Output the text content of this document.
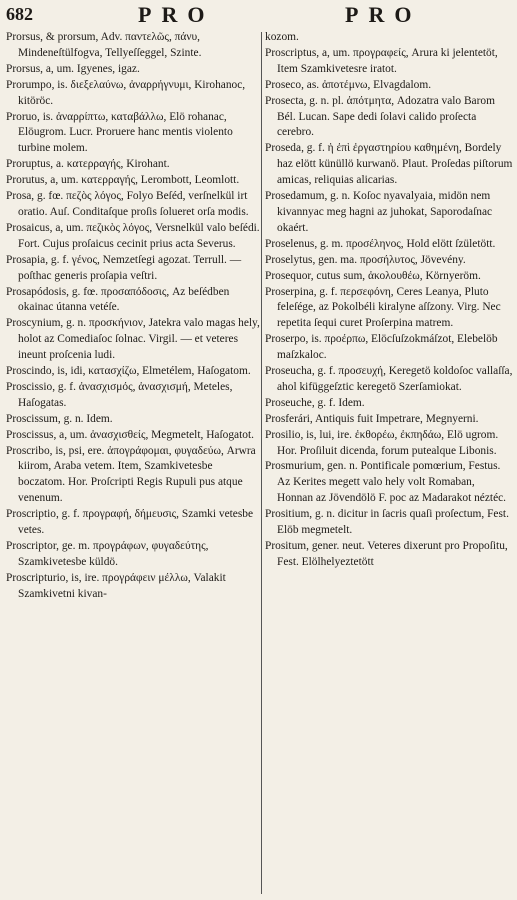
682	PRO	PRO

Prorsus, & prorsum, Adv. παντελῶς, πάνυ, Mindeneſtülfogva, Tellyeſſeggel, Szinte.

Prorsus, a, um. Igyenes, igaz.

Prorumpo, is. διεξελαύνω, ἀναρρήγνυμι, Kirohanoc, kitöröc.

Proruo, is. ἀναρρίπτω, καταβάλλω, Elö rohanac, Elöugrom. Lucr. Proruere hanc mentis violento turbine molem.

Proruptus, a. κατερραγής, Kirohant.

Prorutus, a, um. κατερραγής, Lerombott, Leomlott.

Prosa, g. fœ. πεζὸς λόγος, Folyo Beſéd, verſnelkül irt oratio. Auſ. Conditaſque proſis ſolueret orſa modis.

Prosaicus, a, um. πεζικὸς λόγος, Versnelkül valo beſédi. Fort. Cujus proſaicus cecinit prius acta Severus.

Prosapia, g. f. γένος, Nemzetſegi agozat. Terrull. — poſthac generis proſapia veſtri.

Prosapódosis, g. fœ. προσαπόδοσις, Az beſédben okainac útanna vetéſe.

Proscynium, g. n. προσκήνιον, Jatekra valo magas hely, holot az Comediaſoc ſolnac. Virgil. — et veteres ineunt proſcenia ludi.

Proscindo, is, idi, κατασχίζω, Elmetélem, Haſogatom.

Proscissio, g. f. ἀνασχισμός, ἀνασχισμή, Meteles, Haſogatas.

Proscissum, g. n. Idem.

Proscissus, a, um. ἀνασχισθείς, Megmetelt, Haſogatot.

Proscribo, is, psi, ere. ἀπογράφομαι, φυγαδεύω, Arwra kiirom, Araba vetem. Item, Szamkivetesbe boczatom. Hor. Proſcripti Regis Rupuli pus atque venenum.

Proscriptio, g. f. προγραφή, δήμευσις, Szamki vetesbe vetes.

Proscriptor, ge. m. προγράφων, φυγαδεύτης, Szamkivetesbe küldö.

Proscripturio, is, ire. προγράφειν μέλλω, Valakit Szamkivetni kivan-

kozom.

Proscriptus, a, um. προγραφείς, Arura ki jelentetöt, Item Szamkivetesre iratot.

Proseco, as. ἀποτέμνω, Elvagdalom.

Prosecta, g. n. pl. ἀπότμητα, Adozatra valo Barom Bél. Lucan. Sape dedi ſolavi calido proſecta cerebro.

Proseda, g. f. ἡ ἐπὶ ἐργαστηρίου καθημένη, Bordely haz elött künüllö kurwanö. Plaut. Proſedas piſtorum amicas, reliquias alicarias.

Prosedamum, g. n. Koſoc nyavalyaia, midön nem kivannyac meg hagni az juhokat, Saporodaſnac okaért.

Proselenus, g. m. προσέληνος, Hold elött ſzületött.

Proselytus, gen. ma. προσήλυτος, Jövevény.

Prosequor, cutus sum, ἀκολουθέω, Környeröm.

Proserpina, g. f. περσεφόνη, Ceres Leanya, Pluto feleſége, az Pokolbéli kiralyne aſſzony. Virg. Nec repetita ſequi curet Proſerpina matrem.

Proserpo, is. προέρπω, Elöcſuſzokmáſzot, Elebelöb maſzkaloc.

Proseucha, g. f. προσευχή, Keregetö koldoſoc vallaſſa, ahol kifüggeſztic keregetö Szerſamiokat.

Proseuche, g. f. Idem.

Prosferári, Antiquis fuit Impetrare, Megnyerni.

Prosilio, is, lui, ire. ἐκθορέω, ἐκπηδάω, Elö ugrom. Hor. Proſiluit dicenda, forum putealque Libonis.

Prosmurium, gen. n. Pontificale pomœrium, Festus. Az Kerites megett valo hely volt Romaban, Honnan az Jövendölö F. poc az Madarakot néztéc.

Prositium, g. n. dicitur in ſacris quaſi proſectum, Fest. Elöb megmetelt.

Prositum, gener. neut. Veteres dixerunt pro Propoſitu, Fest. Elölhelyeztetött
